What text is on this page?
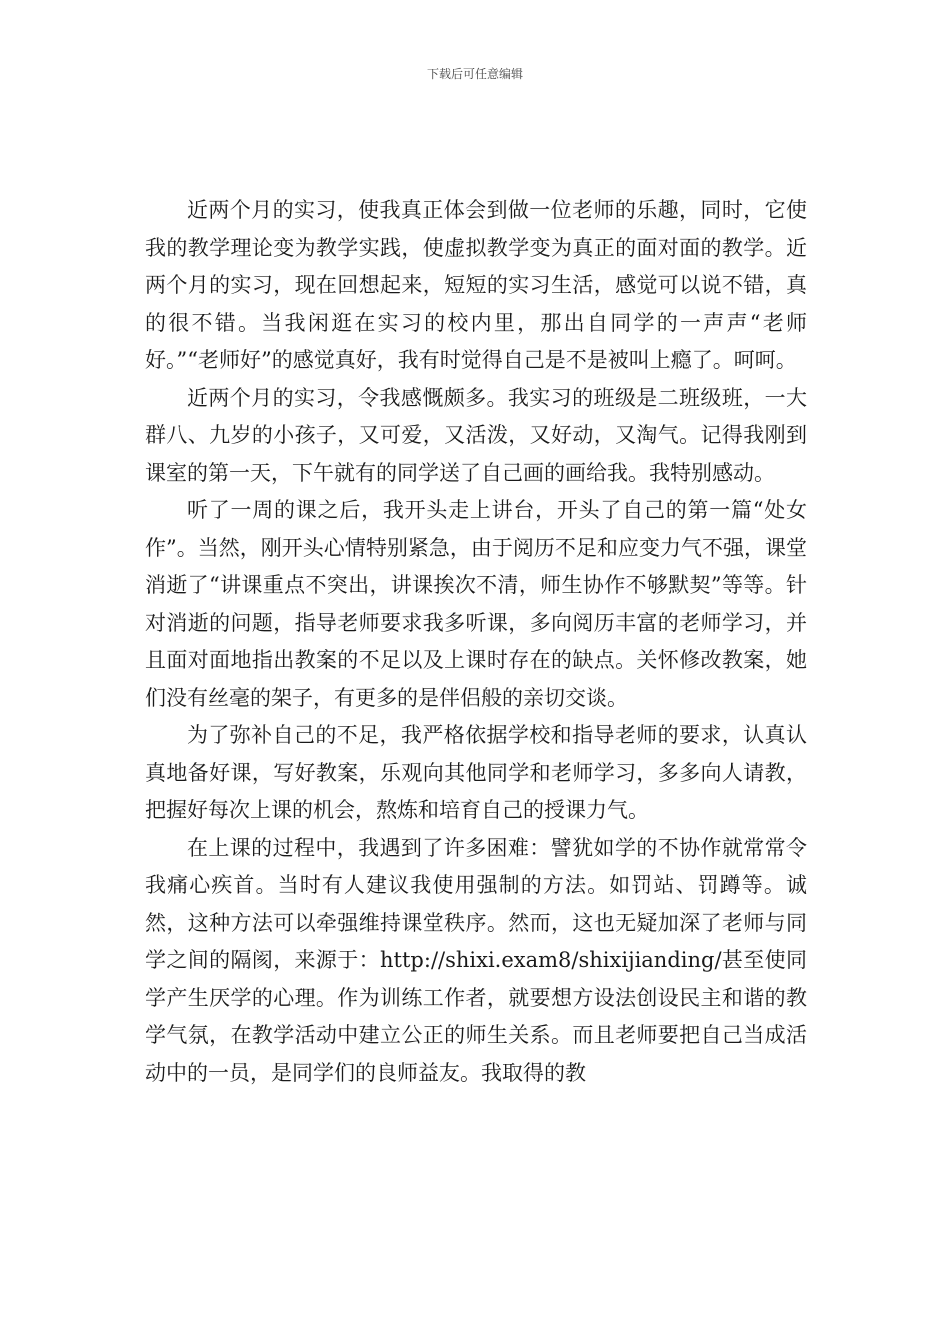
下载后可任意编辑

近两个月的实习，使我真正体会到做一位老师的乐趣，同时，它使我的教学理论变为教学实践，使虚拟教学变为真正的面对面的教学。近两个月的实习，现在回想起来，短短的实习生活，感觉可以说不错，真的很不错。当我闲逛在实习的校内里，那出自同学的一声声“老师好。”“老师好”的感觉真好，我有时觉得自己是不是被叫上瘾了。呵呵。

近两个月的实习，令我感慨颇多。我实习的班级是二班级班，一大群八、九岁的小孩子，又可爱，又活泼，又好动，又淘气。记得我刚到课室的第一天，下午就有的同学送了自己画的画给我。我特别感动。

听了一周的课之后，我开头走上讲台，开头了自己的第一篇“处女作”。当然，刚开头心情特别紧急，由于阅历不足和应变力气不强，课堂消逝了“讲课重点不突出，讲课挨次不清，师生协作不够默契”等等。针对消逝的问题，指导老师要求我多听课，多向阅历丰富的老师学习，并且面对面地指出教案的不足以及上课时存在的缺点。关怀修改教案，她们没有丝毫的架子，有更多的是伴侣般的亲切交谈。

为了弥补自己的不足，我严格依据学校和指导老师的要求，认真认真地备好课，写好教案，乐观向其他同学和老师学习，多多向人请教，把握好每次上课的机会，熬炼和培育自己的授课力气。

在上课的过程中，我遇到了许多困难：譬犹如学的不协作就常常令我痛心疾首。当时有人建议我使用强制的方法。如罚站、罚蹲等。诚然，这种方法可以牵强维持课堂秩序。然而，这也无疑加深了老师与同学之间的隔阂，来源于：http://shixi.exam8/shixijianding/甚至使同学产生厌学的心理。作为训练工作者，就要想方设法创设民主和谐的教学气氛，在教学活动中建立公正的师生关系。而且老师要把自己当成活动中的一员，是同学们的良师益友。我取得的教
